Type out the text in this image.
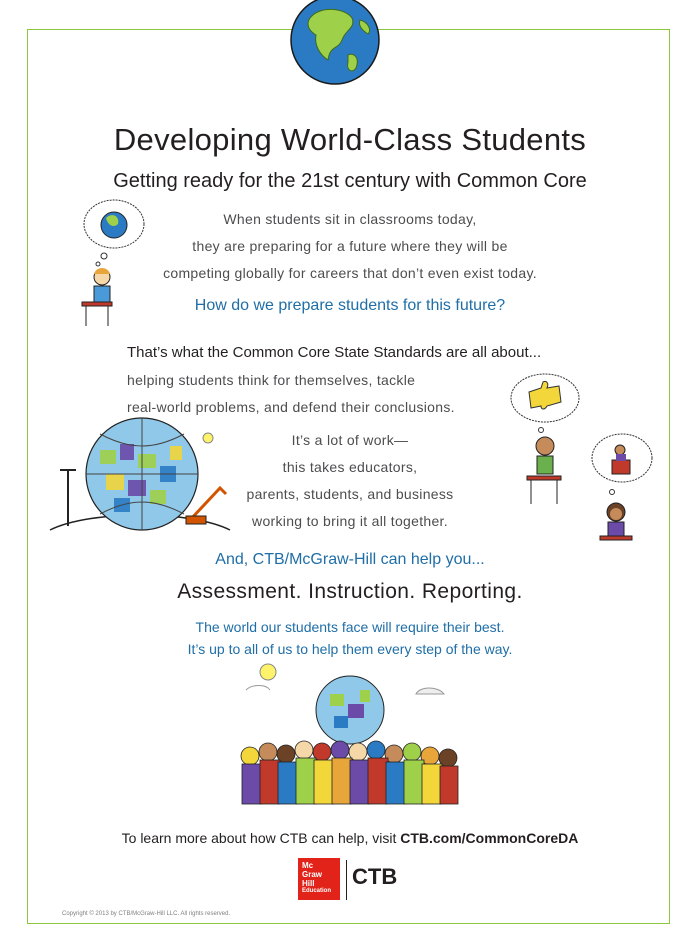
Developing World-Class Students
Getting ready for the 21st century with Common Core
When students sit in classrooms today,
they are preparing for a future where they will be
competing globally for careers that don’t even exist today.
How do we prepare students for this future?
That’s what the Common Core State Standards are all about...
helping students think for themselves, tackle
real-world problems, and defend their conclusions.
It’s a lot of work—
this takes educators,
parents, students, and business
working to bring it all together.
And, CTB/McGraw-Hill can help you...
Assessment. Instruction. Reporting.
The world our students face will require their best.
It’s up to all of us to help them every step of the way.
To learn more about how CTB can help, visit CTB.com/CommonCoreDA
Mc
Graw
Hill
Education
CTB
Copyright © 2013 by CTB/McGraw-Hill LLC. All rights reserved.
